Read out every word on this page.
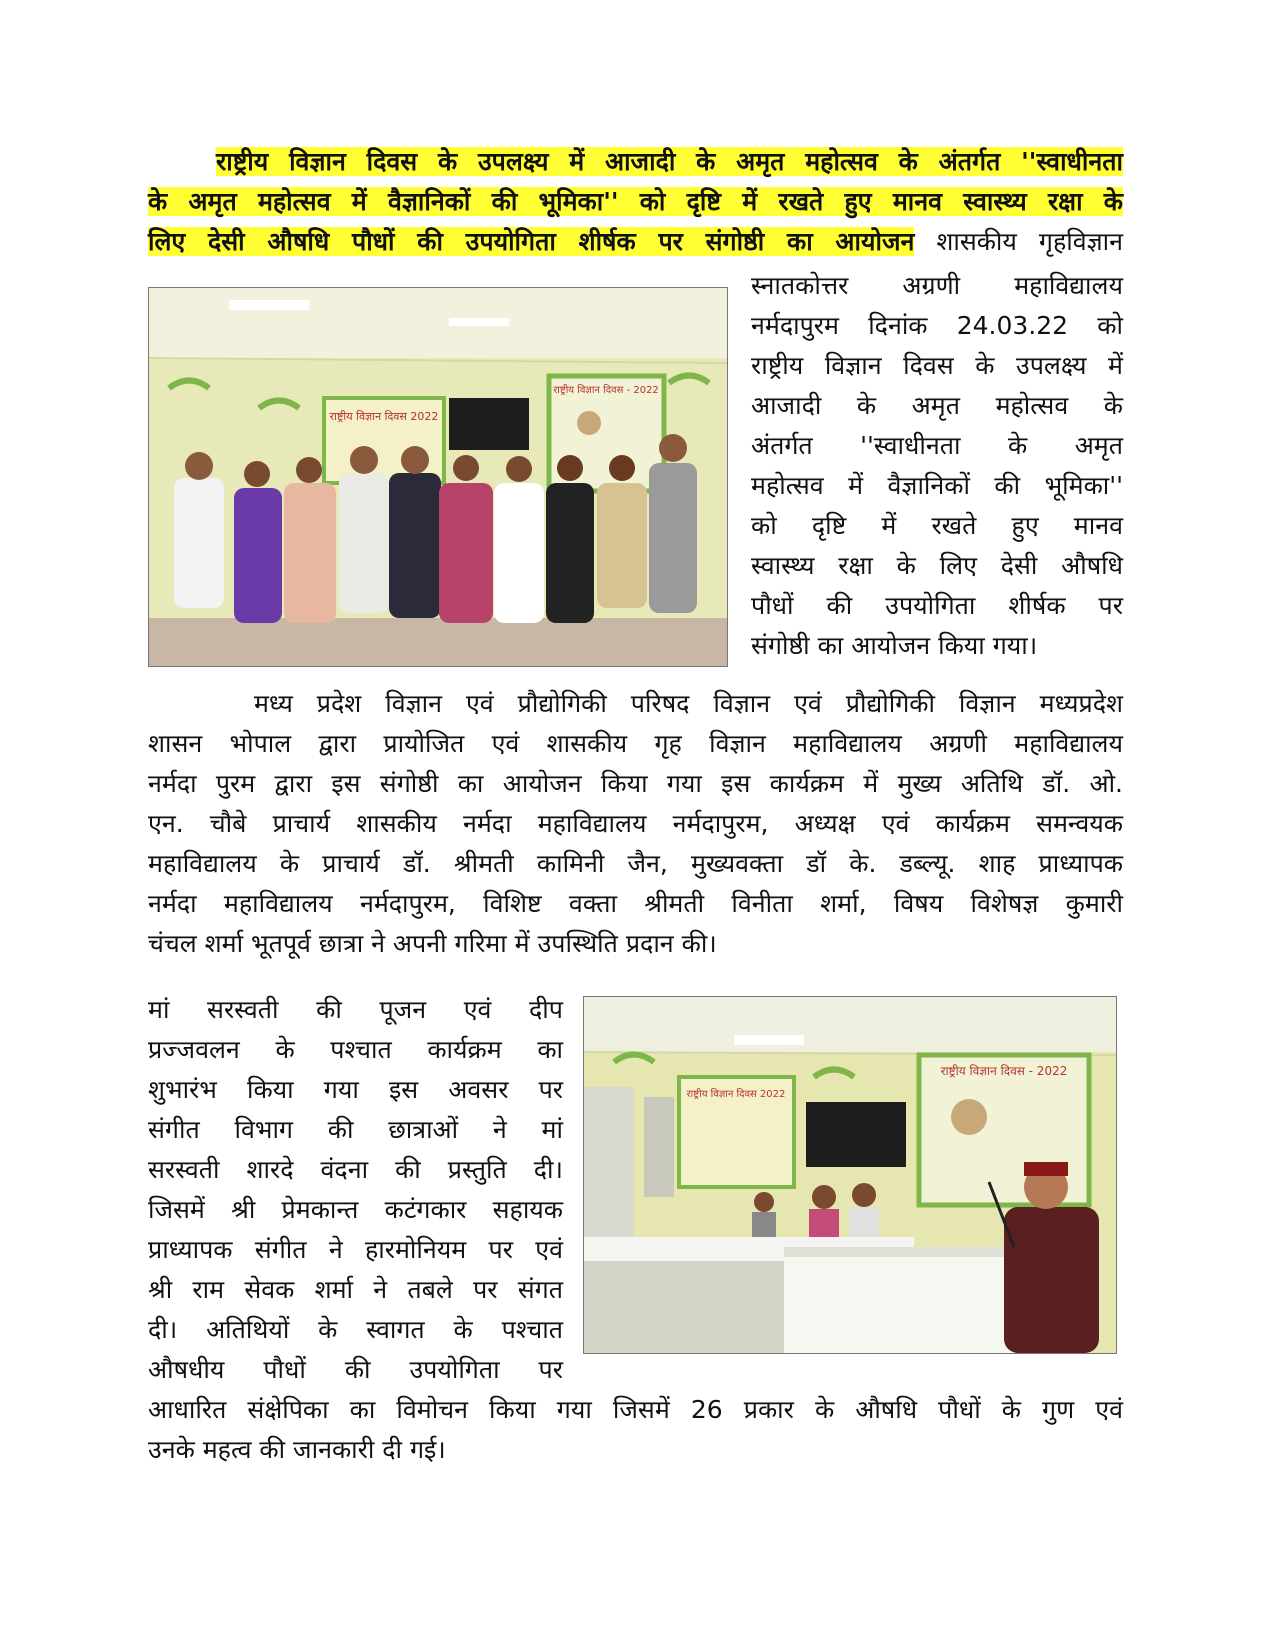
राष्ट्रीय विज्ञान दिवस के उपलक्ष्य में आजादी के अमृत महोत्सव के अंतर्गत ''स्वाधीनता
के अमृत महोत्सव में वैज्ञानिकों की भूमिका'' को दृष्टि में रखते हुए मानव स्वास्थ्य रक्षा के
लिए देसी औषधि पौधों की उपयोगिता शीर्षक पर संगोष्ठी का आयोजन शासकीय गृहविज्ञान
राष्ट्रीय विज्ञान दिवस 2022
राष्ट्रीय विज्ञान दिवस - 2022
स्नातकोत्तर अग्रणी महाविद्यालय
नर्मदापुरम दिनांक 24.03.22 को
राष्ट्रीय विज्ञान दिवस के उपलक्ष्य में
आजादी के अमृत महोत्सव के
अंतर्गत ''स्वाधीनता के अमृत
महोत्सव में वैज्ञानिकों की भूमिका''
को दृष्टि में रखते हुए मानव
स्वास्थ्य रक्षा के लिए देसी औषधि
पौधों की उपयोगिता शीर्षक पर
संगोष्ठी का आयोजन किया गया।
मध्य प्रदेश विज्ञान एवं प्रौद्योगिकी परिषद विज्ञान एवं प्रौद्योगिकी विज्ञान मध्यप्रदेश
शासन भोपाल द्वारा प्रायोजित एवं शासकीय गृह विज्ञान महाविद्यालय अग्रणी महाविद्यालय
नर्मदा पुरम द्वारा इस संगोष्ठी का आयोजन किया गया इस कार्यक्रम में मुख्य अतिथि डॉ. ओ.
एन. चौबे प्राचार्य शासकीय नर्मदा महाविद्यालय नर्मदापुरम, अध्यक्ष एवं कार्यक्रम समन्वयक
महाविद्यालय के प्राचार्य डॉ. श्रीमती कामिनी जैन, मुख्यवक्ता डॉ के. डब्ल्यू. शाह प्राध्यापक
नर्मदा महाविद्यालय नर्मदापुरम, विशिष्ट वक्ता श्रीमती विनीता शर्मा, विषय विशेषज्ञ कुमारी
चंचल शर्मा भूतपूर्व छात्रा ने अपनी गरिमा में उपस्थिति प्रदान की।
मां सरस्वती की पूजन एवं दीप
प्रज्जवलन के पश्चात कार्यक्रम का
शुभारंभ किया गया इस अवसर पर
संगीत विभाग की छात्राओं ने मां
सरस्वती शारदे वंदना की प्रस्तुति दी।
जिसमें श्री प्रेमकान्त कटंगकार सहायक
प्राध्यापक संगीत ने हारमोनियम पर एवं
श्री राम सेवक शर्मा ने तबले पर संगत
दी। अतिथियों के स्वागत के पश्चात
औषधीय पौधों की उपयोगिता पर
राष्ट्रीय विज्ञान दिवस 2022
राष्ट्रीय विज्ञान दिवस - 2022
आधारित संक्षेपिका का विमोचन किया गया जिसमें 26 प्रकार के औषधि पौधों के गुण एवं
उनके महत्व की जानकारी दी गई।
